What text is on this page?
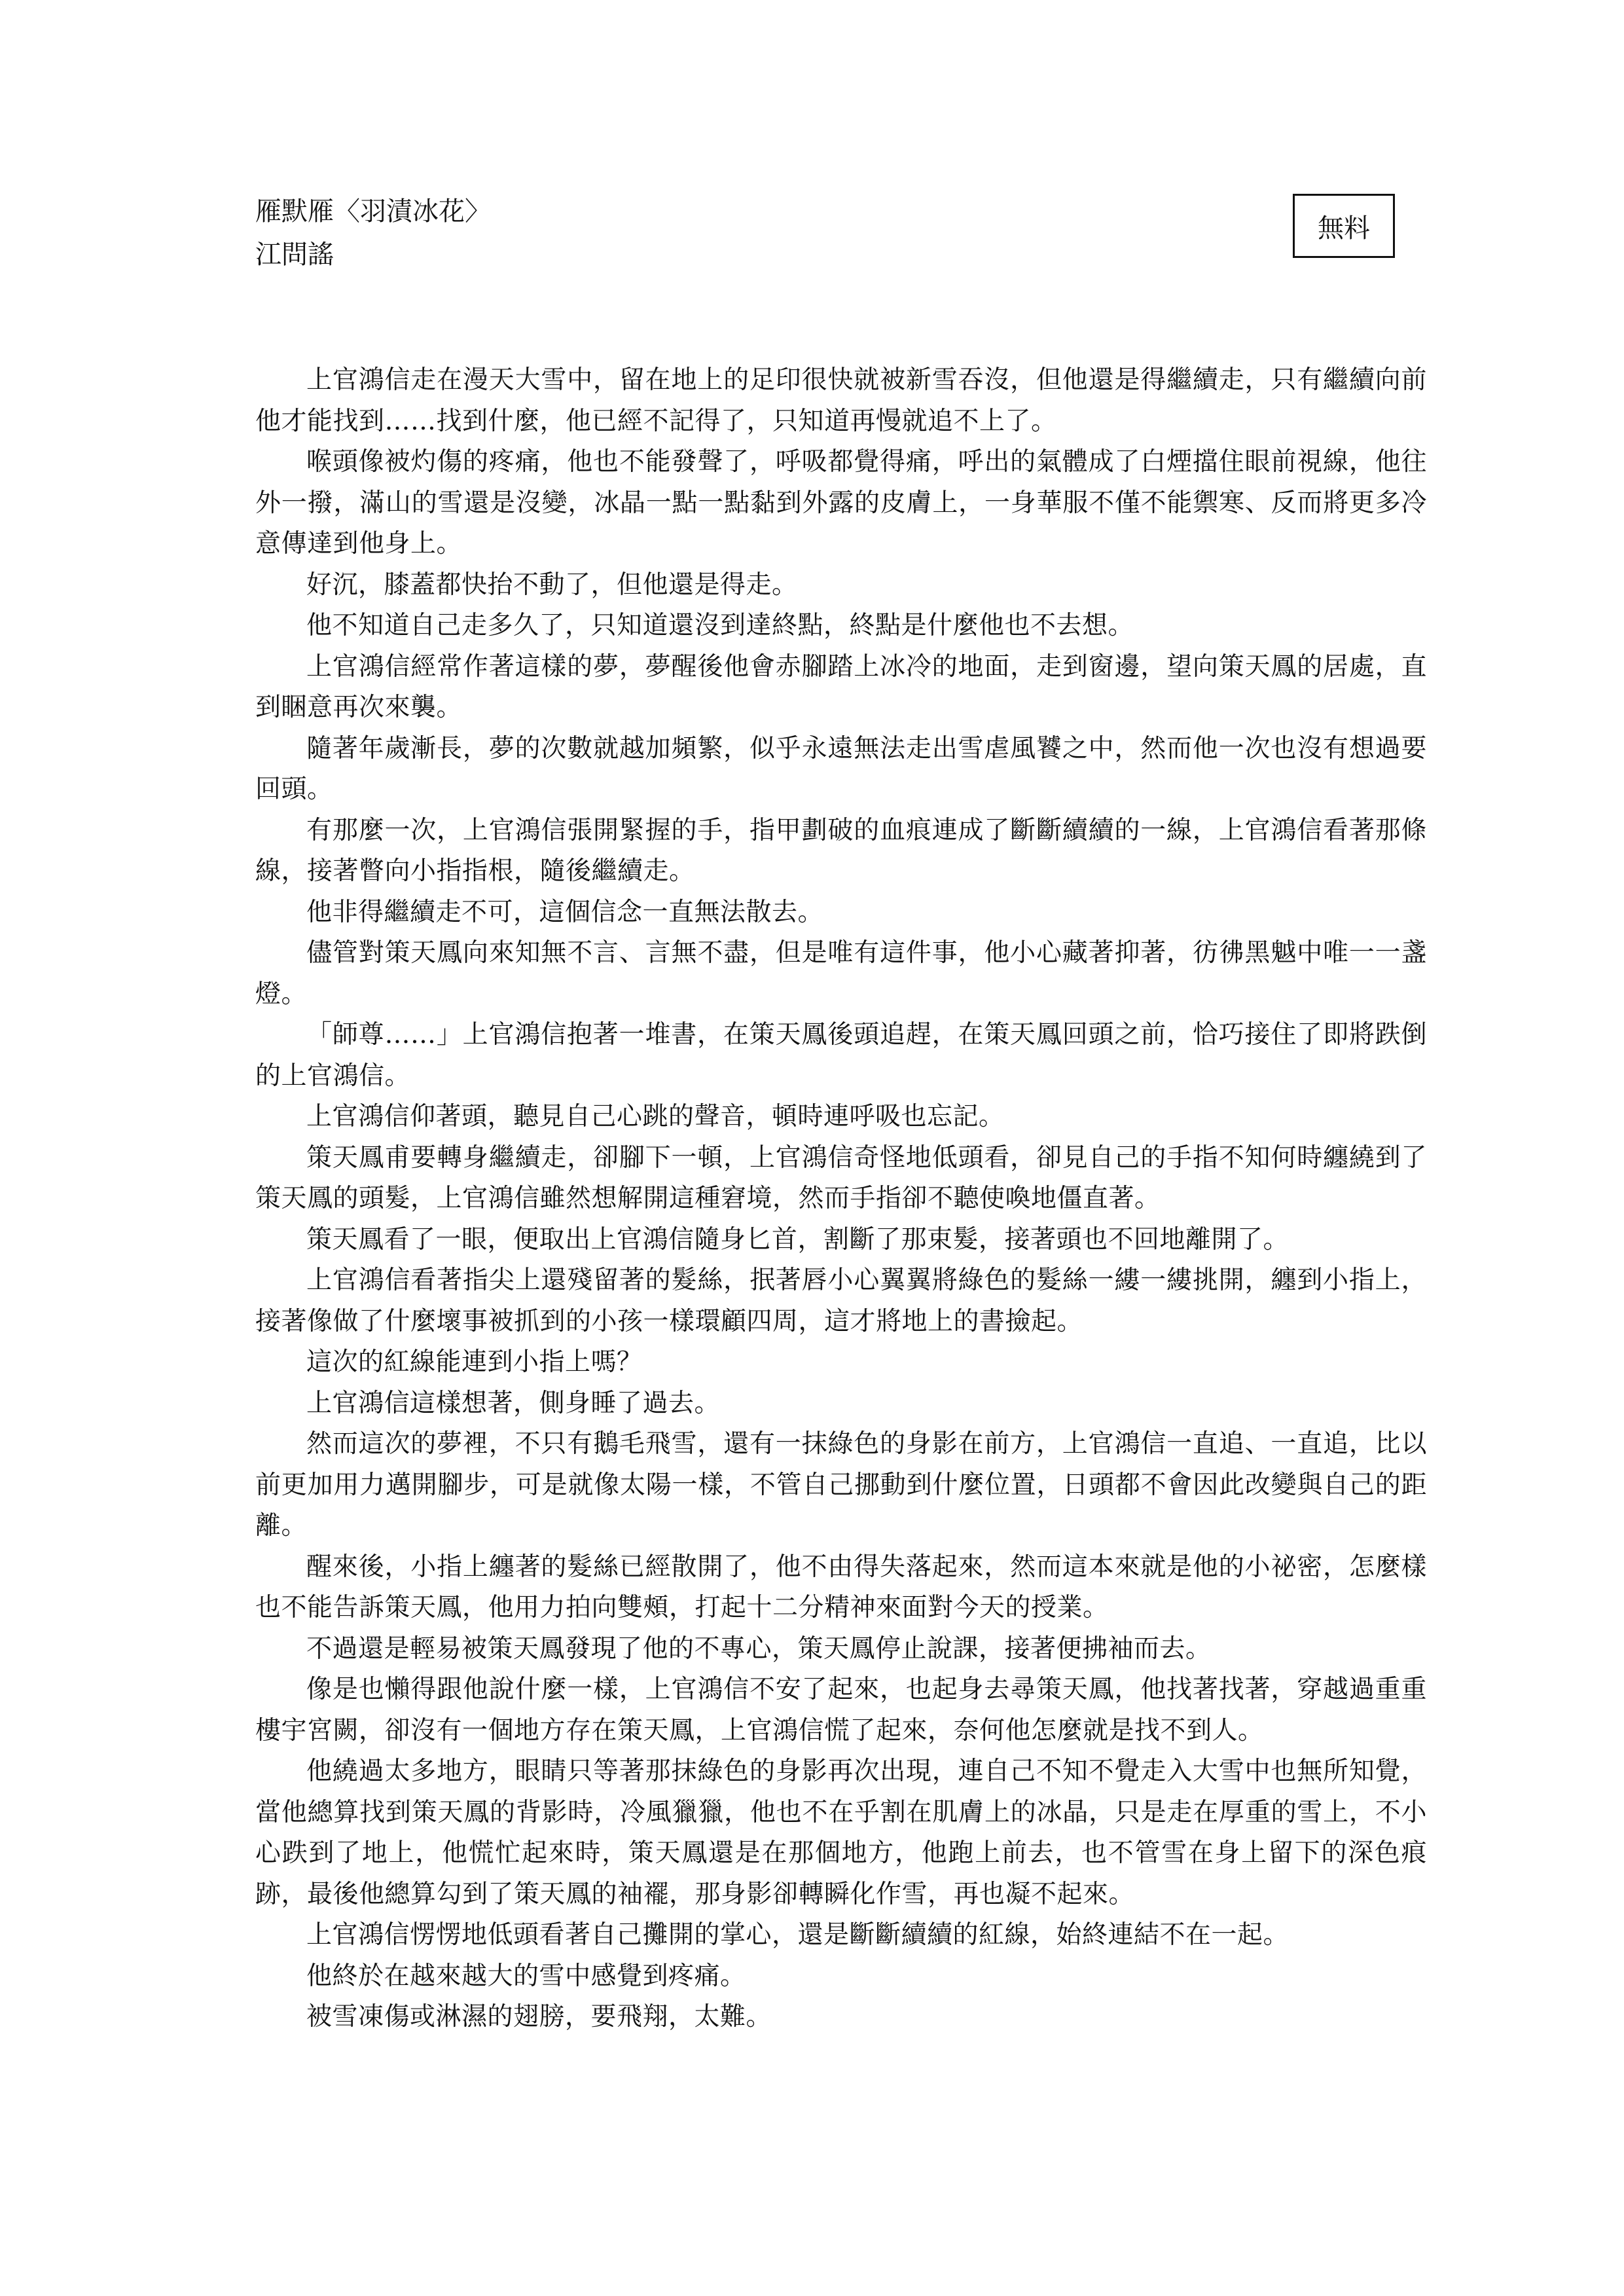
雁默雁〈羽漬冰花〉
江問謠
無料

上官鴻信走在漫天大雪中，留在地上的足印很快就被新雪吞沒，但他還是得繼續走，只有繼續向前他才能找到……找到什麼，他已經不記得了，只知道再慢就追不上了。

喉頭像被灼傷的疼痛，他也不能發聲了，呼吸都覺得痛，呼出的氣體成了白煙擋住眼前視線，他往外一撥，滿山的雪還是沒變，冰晶一點一點黏到外露的皮膚上，一身華服不僅不能禦寒、反而將更多冷意傳達到他身上。

好沉，膝蓋都快抬不動了，但他還是得走。

他不知道自己走多久了，只知道還沒到達終點，終點是什麼他也不去想。

上官鴻信經常作著這樣的夢，夢醒後他會赤腳踏上冰冷的地面，走到窗邊，望向策天鳳的居處，直到睏意再次來襲。

隨著年歲漸長，夢的次數就越加頻繁，似乎永遠無法走出雪虐風饕之中，然而他一次也沒有想過要回頭。

有那麼一次，上官鴻信張開緊握的手，指甲劃破的血痕連成了斷斷續續的一線，上官鴻信看著那條線，接著瞥向小指指根，隨後繼續走。

他非得繼續走不可，這個信念一直無法散去。

儘管對策天鳳向來知無不言、言無不盡，但是唯有這件事，他小心藏著抑著，彷彿黑魆中唯一一盞燈。

「師尊……」上官鴻信抱著一堆書，在策天鳳後頭追趕，在策天鳳回頭之前，恰巧接住了即將跌倒的上官鴻信。

上官鴻信仰著頭，聽見自己心跳的聲音，頓時連呼吸也忘記。

策天鳳甫要轉身繼續走，卻腳下一頓，上官鴻信奇怪地低頭看，卻見自己的手指不知何時纏繞到了策天鳳的頭髮，上官鴻信雖然想解開這種窘境，然而手指卻不聽使喚地僵直著。

策天鳳看了一眼，便取出上官鴻信隨身匕首，割斷了那束髮，接著頭也不回地離開了。

上官鴻信看著指尖上還殘留著的髮絲，抿著唇小心翼翼將綠色的髮絲一縷一縷挑開，纏到小指上，接著像做了什麼壞事被抓到的小孩一樣環顧四周，這才將地上的書撿起。

這次的紅線能連到小指上嗎？

上官鴻信這樣想著，側身睡了過去。

然而這次的夢裡，不只有鵝毛飛雪，還有一抹綠色的身影在前方，上官鴻信一直追、一直追，比以前更加用力邁開腳步，可是就像太陽一樣，不管自己挪動到什麼位置，日頭都不會因此改變與自己的距離。

醒來後，小指上纏著的髮絲已經散開了，他不由得失落起來，然而這本來就是他的小祕密，怎麼樣也不能告訴策天鳳，他用力拍向雙頰，打起十二分精神來面對今天的授業。

不過還是輕易被策天鳳發現了他的不專心，策天鳳停止說課，接著便拂袖而去。

像是也懶得跟他說什麼一樣，上官鴻信不安了起來，也起身去尋策天鳳，他找著找著，穿越過重重樓宇宮闕，卻沒有一個地方存在策天鳳，上官鴻信慌了起來，奈何他怎麼就是找不到人。

他繞過太多地方，眼睛只等著那抹綠色的身影再次出現，連自己不知不覺走入大雪中也無所知覺，當他總算找到策天鳳的背影時，冷風獵獵，他也不在乎割在肌膚上的冰晶，只是走在厚重的雪上，不小心跌到了地上，他慌忙起來時，策天鳳還是在那個地方，他跑上前去，也不管雪在身上留下的深色痕跡，最後他總算勾到了策天鳳的袖襬，那身影卻轉瞬化作雪，再也凝不起來。

上官鴻信愣愣地低頭看著自己攤開的掌心，還是斷斷續續的紅線，始終連結不在一起。

他終於在越來越大的雪中感覺到疼痛。

被雪凍傷或淋濕的翅膀，要飛翔，太難。
